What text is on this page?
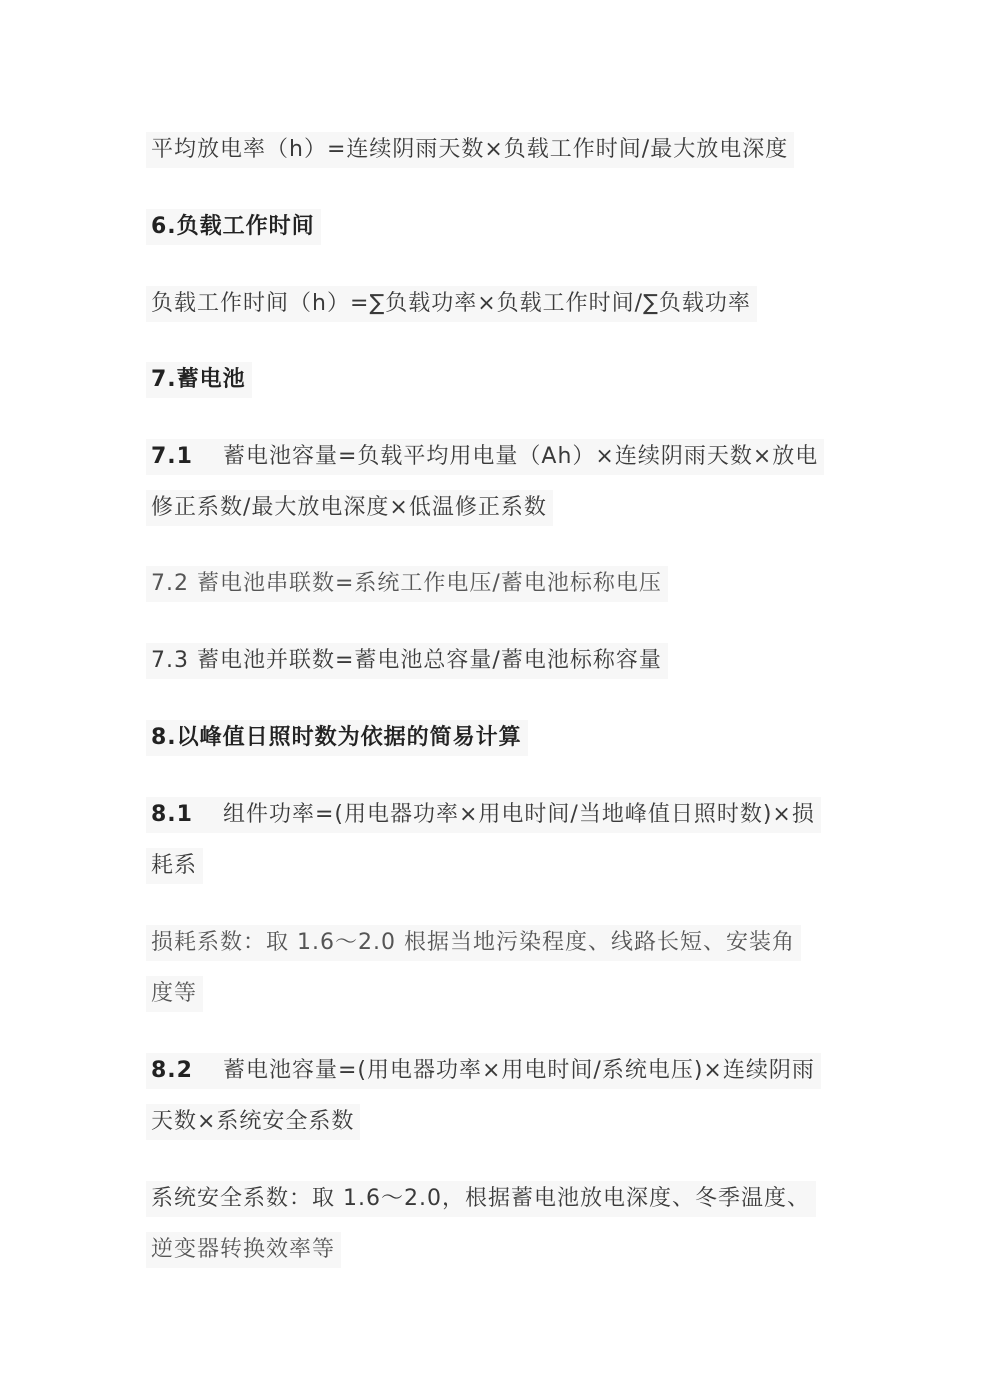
平均放电率（h）=连续阴雨天数×负载工作时间/最大放电深度
6.负载工作时间
负载工作时间（h）=∑负载功率×负载工作时间/∑负载功率
7.蓄电池
7.1 蓄电池容量=负载平均用电量（Ah）×连续阴雨天数×放电
修正系数/最大放电深度×低温修正系数
7.2 蓄电池串联数=系统工作电压/蓄电池标称电压
7.3 蓄电池并联数=蓄电池总容量/蓄电池标称容量
8.以峰值日照时数为依据的简易计算
8.1 组件功率=(用电器功率×用电时间/当地峰值日照时数)×损
耗系
损耗系数：取 1.6～2.0 根据当地污染程度、线路长短、安装角
度等
8.2 蓄电池容量=(用电器功率×用电时间/系统电压)×连续阴雨
天数×系统安全系数
系统安全系数：取 1.6～2.0，根据蓄电池放电深度、冬季温度、
逆变器转换效率等
